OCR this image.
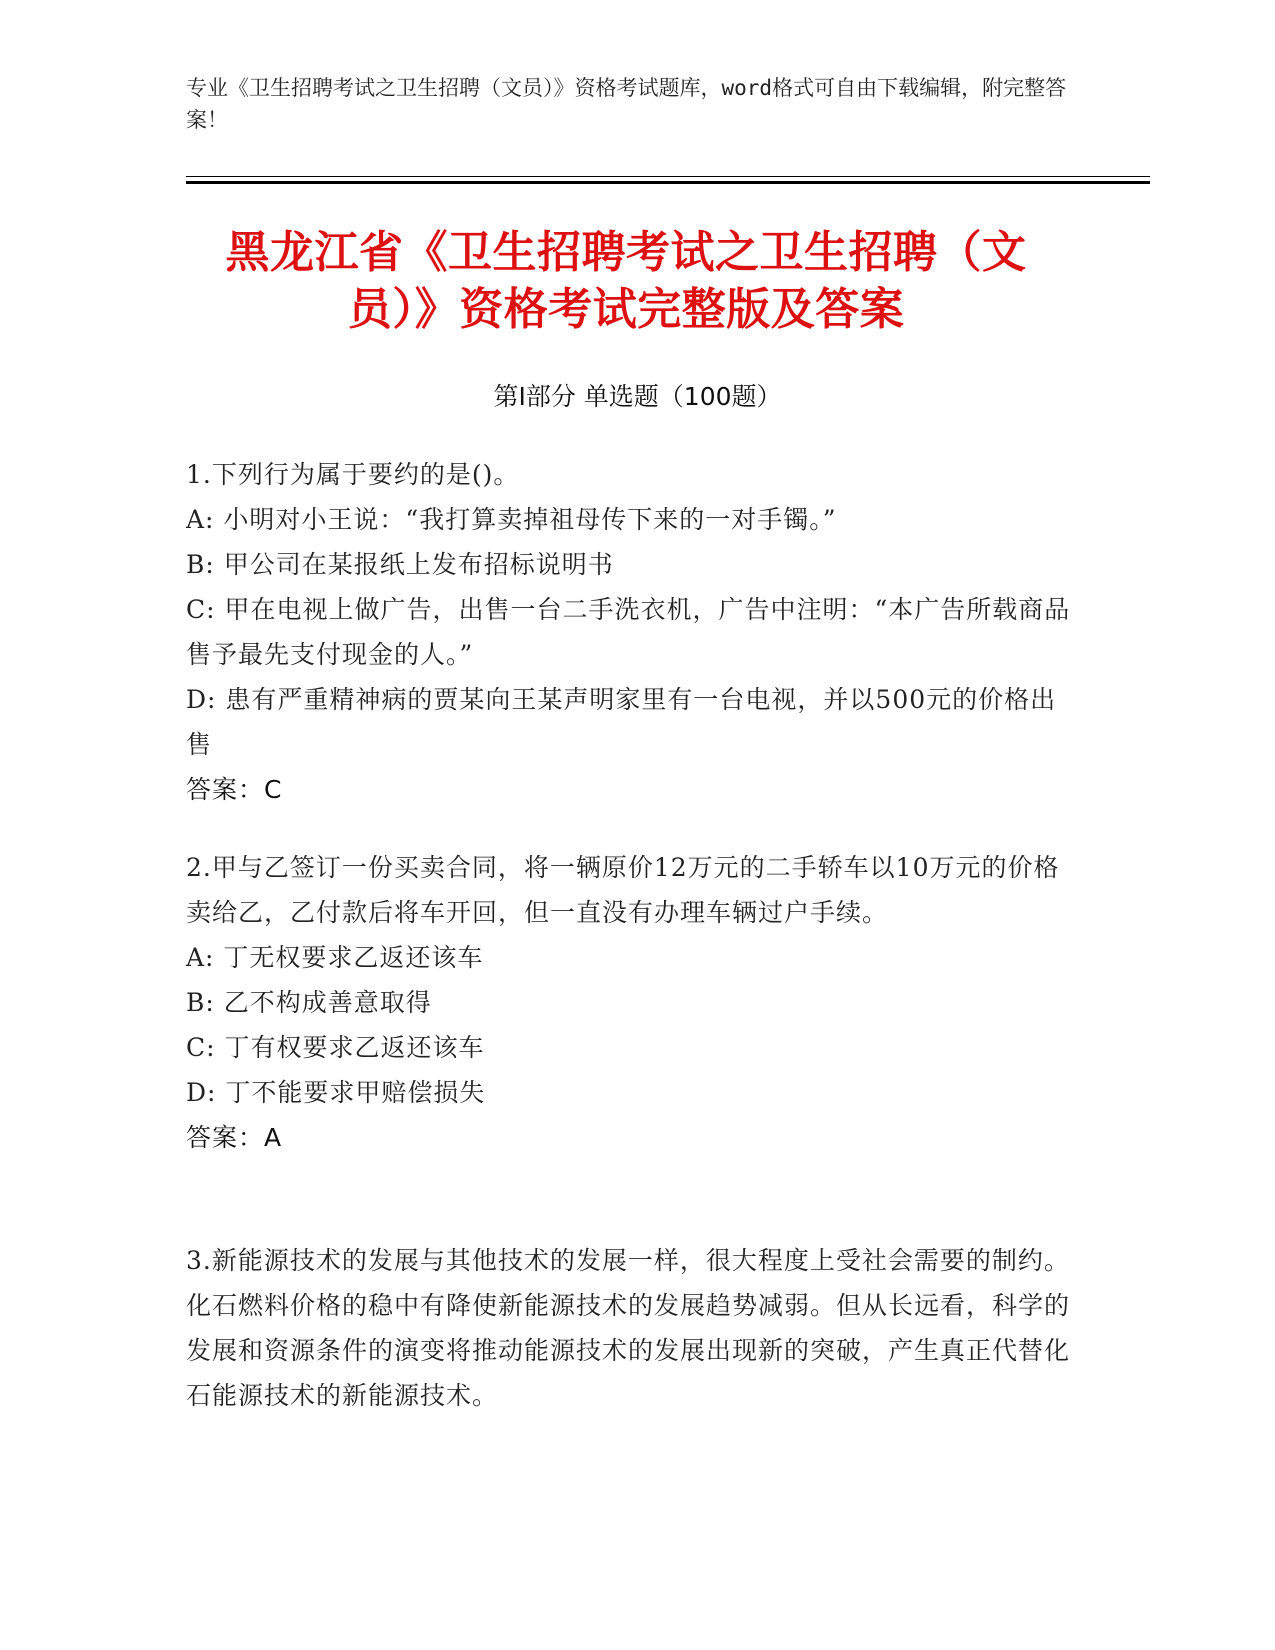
专业《卫生招聘考试之卫生招聘（文员）》资格考试题库，word格式可自由下载编辑，附完整答案！
黑龙江省《卫生招聘考试之卫生招聘（文员）》资格考试完整版及答案
第Ⅰ部分 单选题（100题）

1.下列行为属于要约的是()。

A: 小明对小王说：“我打算卖掉祖母传下来的一对手镯。”

B: 甲公司在某报纸上发布招标说明书

C: 甲在电视上做广告，出售一台二手洗衣机，广告中注明：“本广告所载商品售予最先支付现金的人。”

D: 患有严重精神病的贾某向王某声明家里有一台电视，并以500元的价格出售

答案：C

2.甲与乙签订一份买卖合同，将一辆原价12万元的二手轿车以10万元的价格卖给乙，乙付款后将车开回，但一直没有办理车辆过户手续。

A: 丁无权要求乙返还该车

B: 乙不构成善意取得

C: 丁有权要求乙返还该车

D: 丁不能要求甲赔偿损失

答案：A

3.新能源技术的发展与其他技术的发展一样，很大程度上受社会需要的制约。化石燃料价格的稳中有降使新能源技术的发展趋势减弱。但从长远看，科学的发展和资源条件的演变将推动能源技术的发展出现新的突破，产生真正代替化石能源技术的新能源技术。
